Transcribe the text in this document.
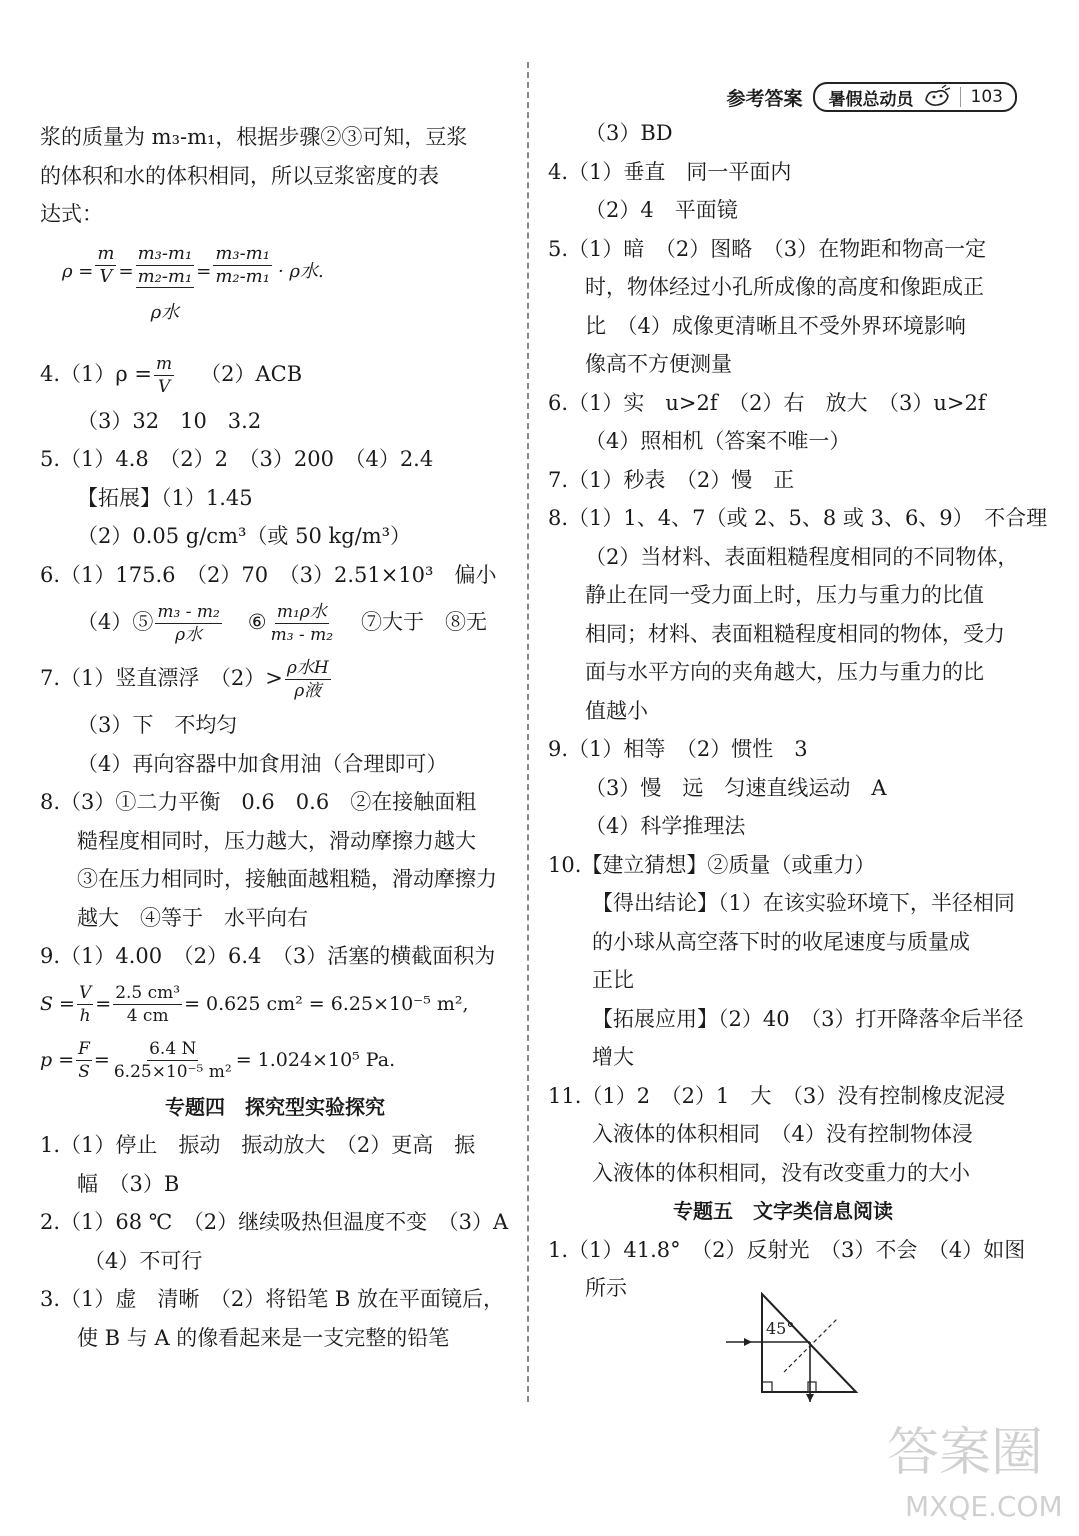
参考答案 暑假总动员	103
浆的质量为 m₃-m₁，根据步骤②③可知，豆浆
的体积和水的体积相同，所以豆浆密度的表
达式：
$\rho = \frac{m}{V}$ =
m₃-m₁
m₂-m₁
ρ水
= $\frac{\text{m₃-m₁}}{\text{m₂-m₁}} \cdot \rho$水.
$4.(1)\rho = \frac{m}{V} (2)ACB$
（3）32　10　3.2
5.（1）4.8　（2）2　（3）200　（4）2.4
【拓展】（1）1.45
（2）0.05 g/cm³（或 50 kg/m³）
6.（1）175.6　（2）70　（3）2.51×10³　偏小
（4）⑤ $\frac{\text{m₃ - m₂}}{\text{ρ水}}$ ⑥ $\frac{\text{m₁ρ水}}{\text{m₃ - m₂}}$ ⑦大于　⑧无
7.（1）竖直漂浮　$(2)> \frac{\text{ρ水H}}{\text{ρ液}}$
（3）下　不均匀
（4）再向容器中加食用油（合理即可）
8.（3）①二力平衡　0.6　0.6　②在接触面粗
糙程度相同时，压力越大，滑动摩擦力越大
③在压力相同时，接触面越粗糙，滑动摩擦力
越大　④等于　水平向右
9.（1）4.00　（2）6.4　（3）活塞的横截面积为
$S = \frac{V}{h} = \frac{\text{2.5 cm³}}{4 cm} = 0.625$ cm² = 6.25×10⁻⁵ m²,
$p = \frac{F}{S} = \frac{6.4 N}{\text{6.25×10⁻⁵ m²}} = 1.024\times 10^5$ Pa.
专题四　探究型实验探究
1.（1）停止　振动　振动放大　（2）更高　振
幅　（3）B
2.（1）68 ℃　（2）继续吸热但温度不变　（3）A
（4）不可行
3.（1）虚　清晰　（2）将铅笔 B 放在平面镜后，
使 B 与 A 的像看起来是一支完整的铅笔
（3）BD
4.（1）垂直　同一平面内
（2）4　平面镜
5.（1）暗　（2）图略　（3）在物距和物高一定
时，物体经过小孔所成像的高度和像距成正
比　（4）成像更清晰且不受外界环境影响
像高不方便测量
6.（1）实　u>2f　（2）右　放大　（3）u>2f
（4）照相机（答案不唯一）
7.（1）秒表　（2）慢　正
8.（1）1、4、7（或 2、5、8 或 3、6、9）　不合理
（2）当材料、表面粗糙程度相同的不同物体，
静止在同一受力面上时，压力与重力的比值
相同；材料、表面粗糙程度相同的物体，受力
面与水平方向的夹角越大，压力与重力的比
值越小
9.（1）相等　（2）惯性　3
（3）慢　远　匀速直线运动　A
（4）科学推理法
10.【建立猜想】②质量（或重力）
【得出结论】（1）在该实验环境下，半径相同
的小球从高空落下时的收尾速度与质量成
正比
【拓展应用】（2）40　（3）打开降落伞后半径
增大
11.（1）2　（2）1　大　（3）没有控制橡皮泥浸
入液体的体积相同　（4）没有控制物体浸
入液体的体积相同，没有改变重力的大小
专题五　文字类信息阅读
1.（1）41.8°　（2）反射光　（3）不会　（4）如图
所示
45°
答案圈
MXQE.COM
